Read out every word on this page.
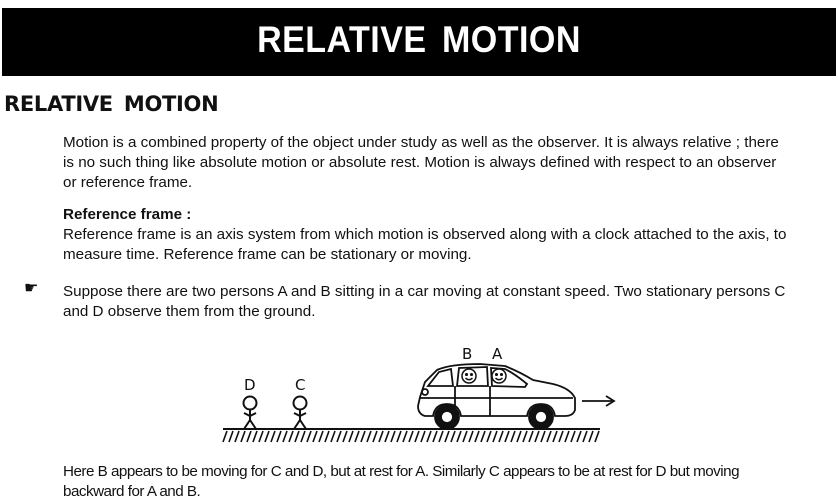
RELATIVE MOTION
RELATIVE MOTION
Motion is a combined property of the object under study as well as the observer. It is always relative ; there
is no such thing like absolute motion or absolute rest. Motion is always defined with respect to an observer
or reference frame.
Reference frame :
Reference frame is an axis system from which motion is observed along with a clock attached to the axis, to
measure time. Reference frame can be stationary or moving.
☛ Suppose there are two persons A and B sitting in a car moving at constant speed. Two stationary persons C
and D observe them from the ground.
D	C
B A
Here B appears to be moving for C and D, but at rest for A. Similarly C appears to be at rest for D but moving
backward for A and B.
